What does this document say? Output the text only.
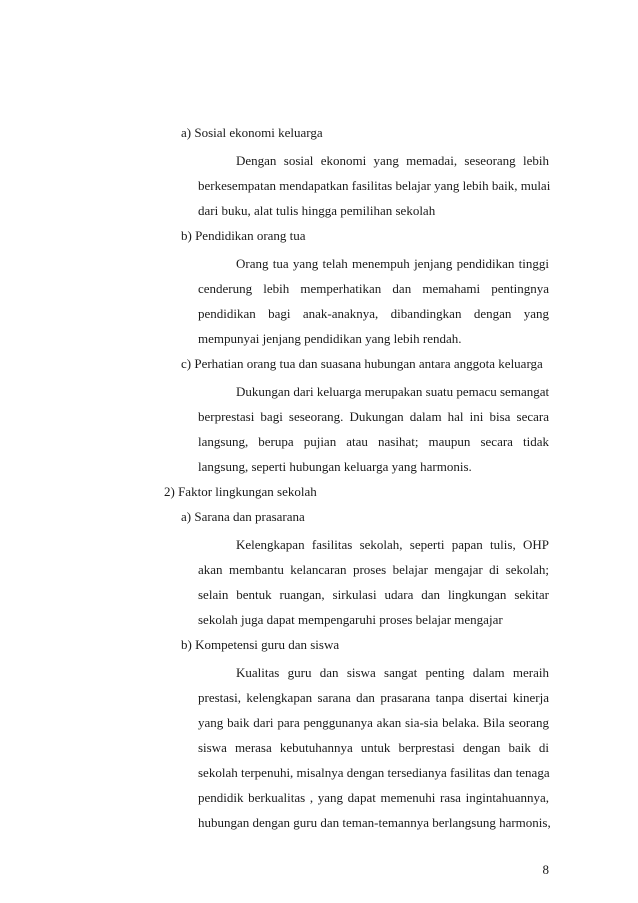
a) Sosial ekonomi keluarga
Dengan sosial ekonomi yang memadai, seseorang lebih
berkesempatan mendapatkan fasilitas belajar yang lebih baik, mulai
dari buku, alat tulis hingga pemilihan sekolah
b) Pendidikan orang tua
Orang tua yang telah menempuh jenjang pendidikan tinggi
cenderung lebih memperhatikan dan memahami pentingnya
pendidikan bagi anak-anaknya, dibandingkan dengan yang
mempunyai jenjang pendidikan yang lebih rendah.
c) Perhatian orang tua dan suasana hubungan antara anggota keluarga
Dukungan dari keluarga merupakan suatu pemacu semangat
berprestasi bagi seseorang. Dukungan dalam hal ini bisa secara
langsung, berupa pujian atau nasihat; maupun secara tidak
langsung, seperti hubungan keluarga yang harmonis.
2) Faktor lingkungan sekolah
a) Sarana dan prasarana
Kelengkapan fasilitas sekolah, seperti papan tulis, OHP
akan membantu kelancaran proses belajar mengajar di sekolah;
selain bentuk ruangan, sirkulasi udara dan lingkungan sekitar
sekolah juga dapat mempengaruhi proses belajar mengajar
b) Kompetensi guru dan siswa
Kualitas guru dan siswa sangat penting dalam meraih
prestasi, kelengkapan sarana dan prasarana tanpa disertai kinerja
yang baik dari para penggunanya akan sia-sia belaka. Bila seorang
siswa merasa kebutuhannya untuk berprestasi dengan baik di
sekolah terpenuhi, misalnya dengan tersedianya fasilitas dan tenaga
pendidik berkualitas , yang dapat memenuhi rasa ingintahuannya,
hubungan dengan guru dan teman-temannya berlangsung harmonis,
8
